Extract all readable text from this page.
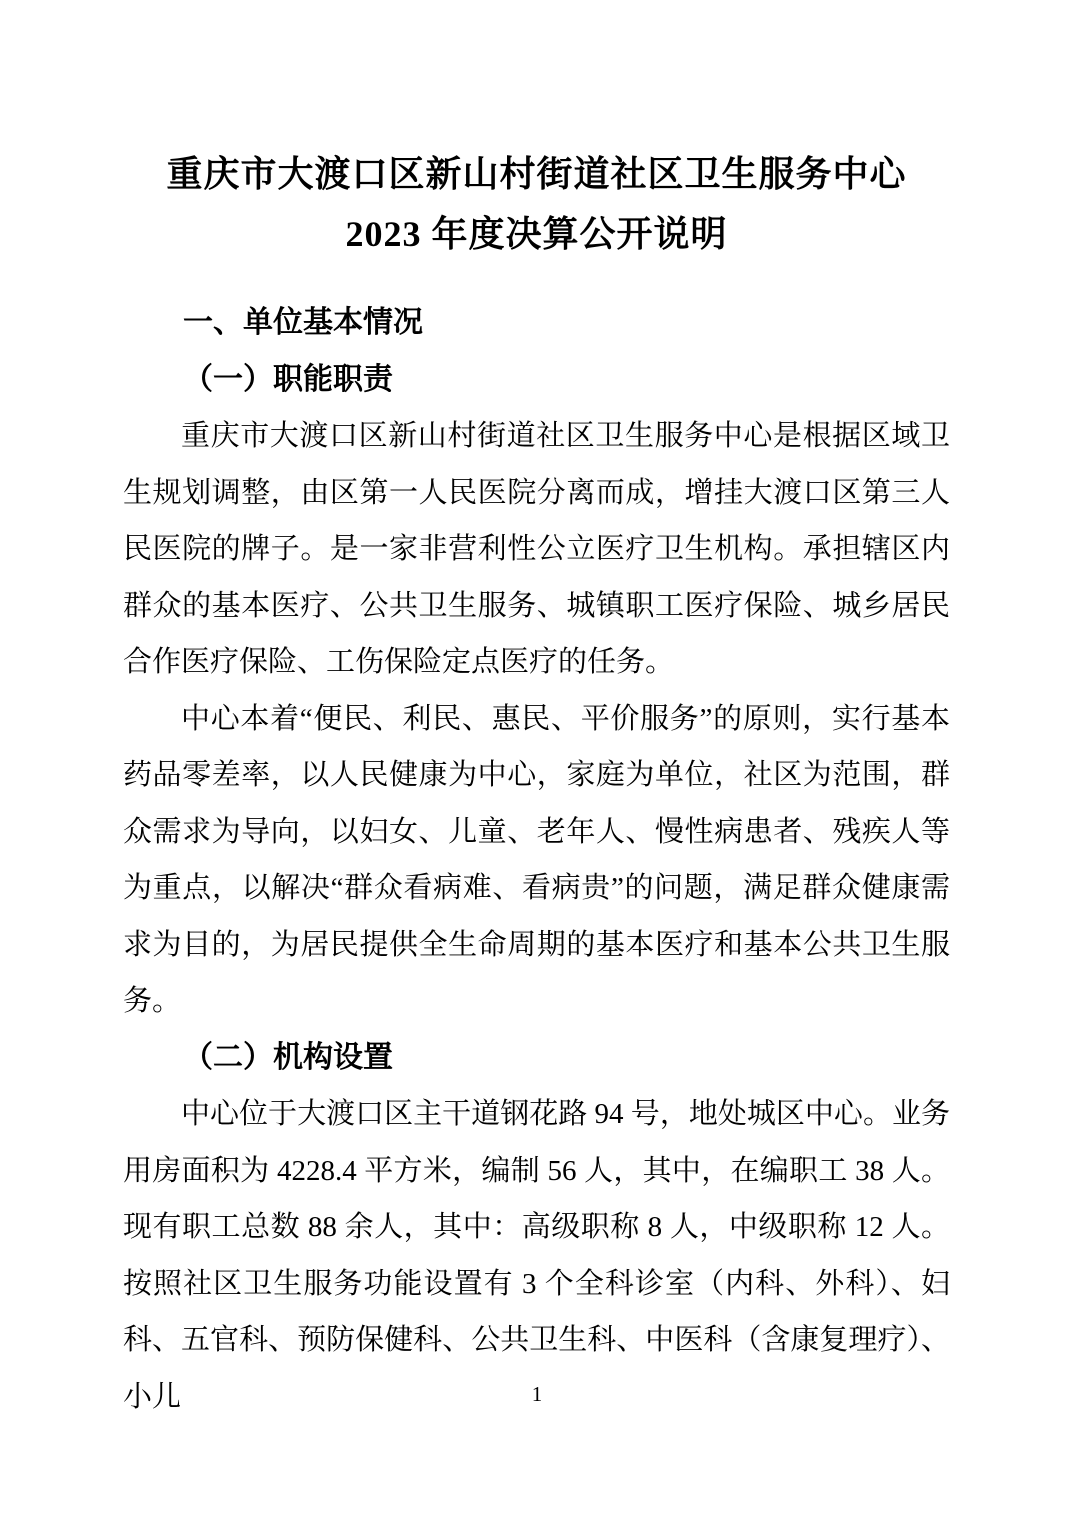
重庆市大渡口区新山村街道社区卫生服务中心
2023 年度决算公开说明
一、单位基本情况
（一）职能职责

重庆市大渡口区新山村街道社区卫生服务中心是根据区域卫生规划调整，由区第一人民医院分离而成，增挂大渡口区第三人民医院的牌子。是一家非营利性公立医疗卫生机构。承担辖区内群众的基本医疗、公共卫生服务、城镇职工医疗保险、城乡居民合作医疗保险、工伤保险定点医疗的任务。

中心本着“便民、利民、惠民、平价服务”的原则，实行基本药品零差率，以人民健康为中心，家庭为单位，社区为范围，群众需求为导向，以妇女、儿童、老年人、慢性病患者、残疾人等为重点，以解决“群众看病难、看病贵”的问题，满足群众健康需求为目的，为居民提供全生命周期的基本医疗和基本公共卫生服务。

（二）机构设置

中心位于大渡口区主干道钢花路 94 号，地处城区中心。业务用房面积为 4228.4 平方米，编制 56 人，其中，在编职工 38 人。现有职工总数 88 余人，其中：高级职称 8 人，中级职称 12 人。按照社区卫生服务功能设置有 3 个全科诊室（内科、外科）、妇科、五官科、预防保健科、公共卫生科、中医科（含康复理疗）、小儿	1
